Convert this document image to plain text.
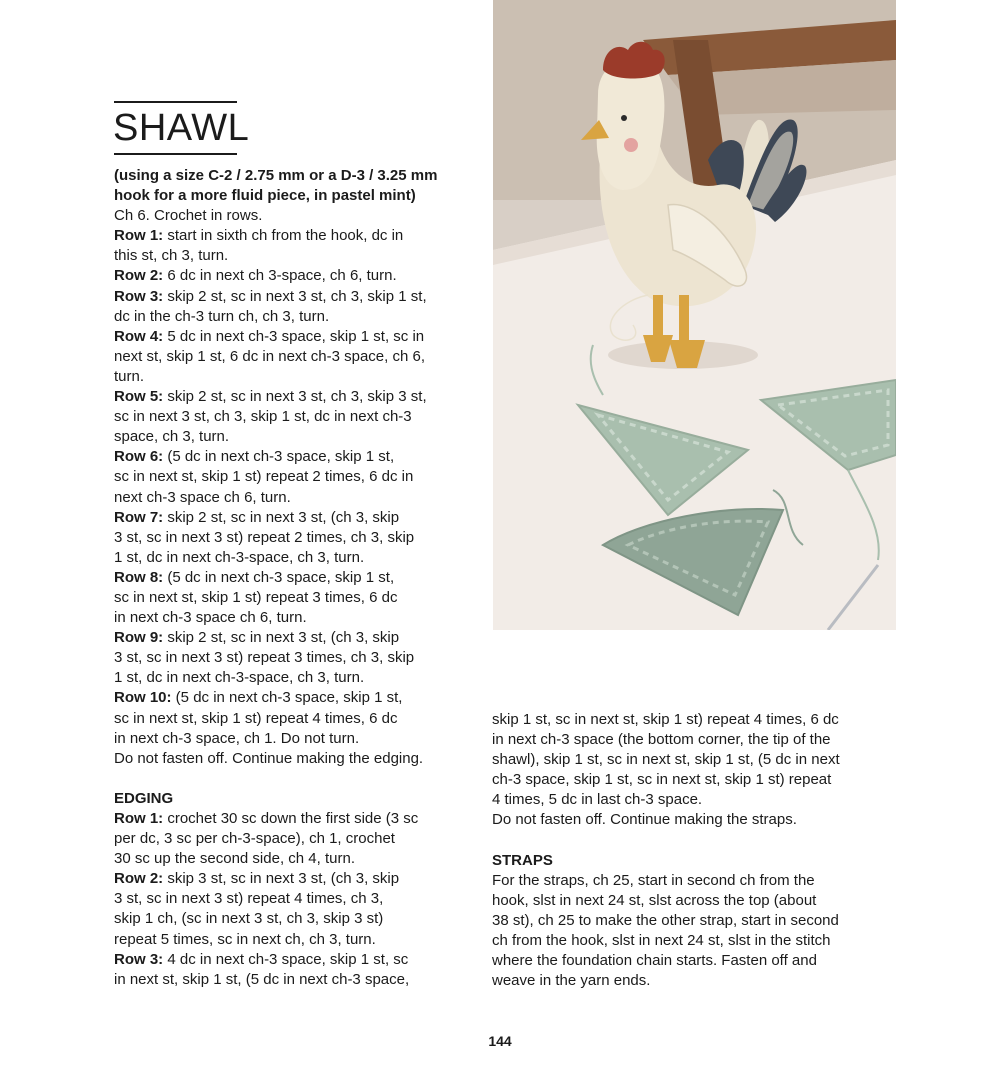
SHAWL
(using a size C-2 / 2.75 mm or a D-3 / 3.25 mm
hook for a more fluid piece, in pastel mint)
Ch 6. Crochet in rows.
Row 1: start in sixth ch from the hook, dc in
this st, ch 3, turn.
Row 2: 6 dc in next ch 3-space, ch 6, turn.
Row 3: skip 2 st, sc in next 3 st, ch 3, skip 1 st,
dc in the ch-3 turn ch, ch 3, turn.
Row 4: 5 dc in next ch-3 space, skip 1 st, sc in
next st, skip 1 st, 6 dc in next ch-3 space, ch 6,
turn.
Row 5: skip 2 st, sc in next 3 st, ch 3, skip 3 st,
sc in next 3 st, ch 3, skip 1 st, dc in next ch-3
space, ch 3, turn.
Row 6: (5 dc in next ch-3 space, skip 1 st,
sc in next st, skip 1 st) repeat 2 times, 6 dc in
next ch-3 space ch 6, turn.
Row 7: skip 2 st, sc in next 3 st, (ch 3, skip
3 st, sc in next 3 st) repeat 2 times, ch 3, skip
1 st, dc in next ch-3-space, ch 3, turn.
Row 8: (5 dc in next ch-3 space, skip 1 st,
sc in next st, skip 1 st) repeat 3 times, 6 dc
in next ch-3 space ch 6, turn.
Row 9: skip 2 st, sc in next 3 st, (ch 3, skip
3 st, sc in next 3 st) repeat 3 times, ch 3, skip
1 st, dc in next ch-3-space, ch 3, turn.
Row 10: (5 dc in next ch-3 space, skip 1 st,
sc in next st, skip 1 st) repeat 4 times, 6 dc
in next ch-3 space, ch 1. Do not turn.
Do not fasten off. Continue making the edging.
EDGING
Row 1: crochet 30 sc down the first side (3 sc
per dc, 3 sc per ch-3-space), ch 1, crochet
30 sc up the second side, ch 4, turn.
Row 2: skip 3 st, sc in next 3 st, (ch 3, skip
3 st, sc in next 3 st) repeat 4 times, ch 3,
skip 1 ch, (sc in next 3 st, ch 3, skip 3 st)
repeat 5 times, sc in next ch, ch 3, turn.
Row 3: 4 dc in next ch-3 space, skip 1 st, sc
in next st, skip 1 st, (5 dc in next ch-3 space,
skip 1 st, sc in next st, skip 1 st) repeat 4 times, 6 dc
in next ch-3 space (the bottom corner, the tip of the
shawl), skip 1 st, sc in next st, skip 1 st, (5 dc in next
ch-3 space, skip 1 st, sc in next st, skip 1 st) repeat
4 times, 5 dc in last ch-3 space.
Do not fasten off. Continue making the straps.
STRAPS
For the straps, ch 25, start in second ch from the
hook, slst in next 24 st, slst across the top (about
38 st), ch 25 to make the other strap, start in second
ch from the hook, slst in next 24 st, slst in the stitch
where the foundation chain starts. Fasten off and
weave in the yarn ends.
144
